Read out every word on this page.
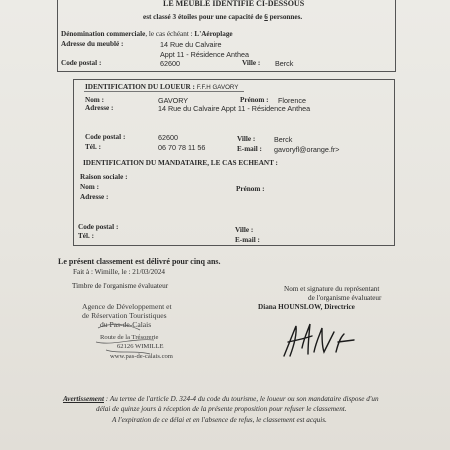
LE MEUBLE IDENTIFIE CI-DESSOUS
est classé 3 étoiles pour une capacité de 6 personnes.
Dénomination commerciale, le cas échéant : L'Aéroplage
Adresse du meublé :	14 Rue du Calvaire
Appt 11 - Résidence Anthea
Code postal :	62600	Ville : Berck
IDENTIFICATION DU LOUEUR : F.F.H GAVORY
Nom :	GAVORY	Prénom : Florence
Adresse :	14 Rue du Calvaire Appt 11 - Résidence Anthea
Code postal :	62600	Ville :	Berck
Tél. :	06 70 78 11 56	E-mail : gavoryfl@orange.fr>
IDENTIFICATION DU MANDATAIRE, LE CAS ECHEANT :
Raison sociale :
Nom :	Prénom :
Adresse :
Code postal :	Ville :
Tél. :	E-mail :
Le présent classement est délivré pour cinq ans.
Fait à : Wimille, le : 21/03/2024
Timbre de l'organisme évaluateur	Nom et signature du représentant
de l'organisme évaluateur
Diana HOUNSLOW, Directrice
Agence de Développement et
de Réservation Touristiques
du Pas-de-Calais
Route de la Trésorerie
62126 WIMILLE
www.pas-de-calais.com
Avertissement : Au terme de l'article D. 324-4 du code du tourisme, le loueur ou son mandataire dispose d'un
délai de quinze jours à réception de la présente proposition pour refuser le classement.
A l'expiration de ce délai et en l'absence de refus, le classement est acquis.
